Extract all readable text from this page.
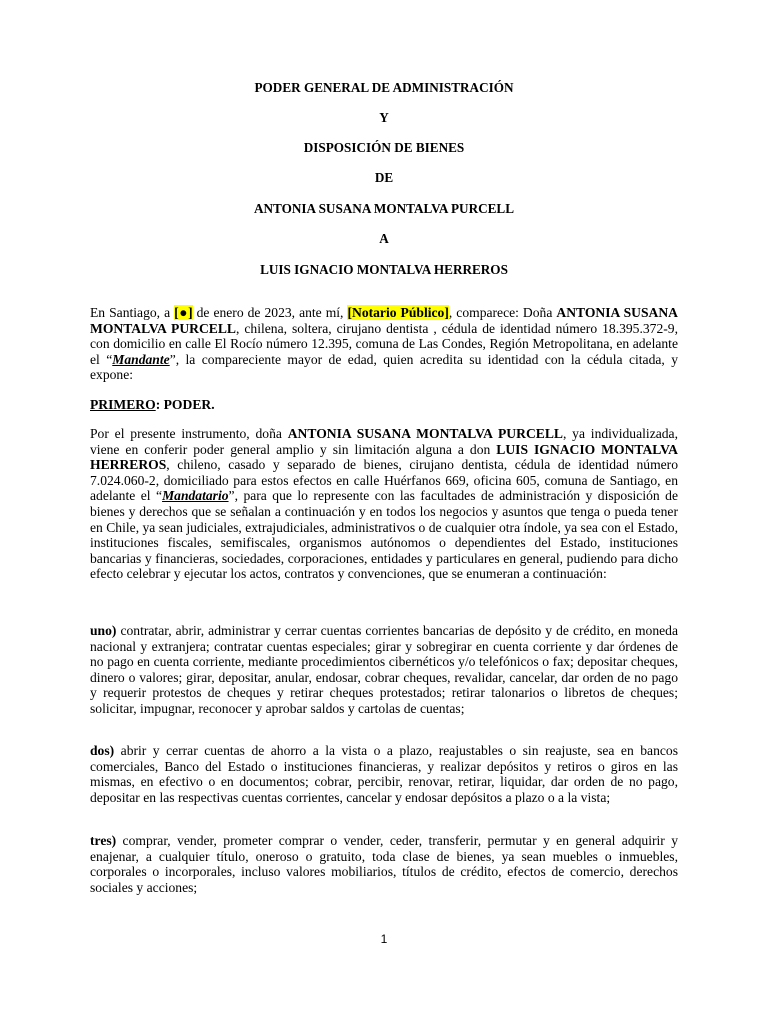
PODER GENERAL DE ADMINISTRACIÓN
Y
DISPOSICIÓN DE BIENES
DE
ANTONIA SUSANA MONTALVA PURCELL
A
LUIS IGNACIO MONTALVA HERREROS
En Santiago, a [●] de enero de 2023, ante mí, [Notario Público], comparece: Doña ANTONIA SUSANA MONTALVA PURCELL, chilena, soltera, cirujano dentista , cédula de identidad número 18.395.372-9, con domicilio en calle El Rocío número 12.395, comuna de Las Condes, Región Metropolitana, en adelante el “Mandante”, la compareciente mayor de edad, quien acredita su identidad con la cédula citada, y expone:
PRIMERO: PODER.
Por el presente instrumento, doña ANTONIA SUSANA MONTALVA PURCELL, ya individualizada, viene en conferir poder general amplio y sin limitación alguna a don LUIS IGNACIO MONTALVA HERREROS, chileno, casado y separado de bienes, cirujano dentista, cédula de identidad número 7.024.060-2, domiciliado para estos efectos en calle Huérfanos 669, oficina 605, comuna de Santiago, en adelante el “Mandatario”, para que lo represente con las facultades de administración y disposición de bienes y derechos que se señalan a continuación y en todos los negocios y asuntos que tenga o pueda tener en Chile, ya sean judiciales, extrajudiciales, administrativos o de cualquier otra índole, ya sea con el Estado, instituciones fiscales, semifiscales, organismos autónomos o dependientes del Estado, instituciones bancarias y financieras, sociedades, corporaciones, entidades y particulares en general, pudiendo para dicho efecto celebrar y ejecutar los actos, contratos y convenciones, que se enumeran a continuación:
uno) contratar, abrir, administrar y cerrar cuentas corrientes bancarias de depósito y de crédito, en moneda nacional y extranjera; contratar cuentas especiales; girar y sobregirar en cuenta corriente y dar órdenes de no pago en cuenta corriente, mediante procedimientos cibernéticos y/o telefónicos o fax; depositar cheques, dinero o valores; girar, depositar, anular, endosar, cobrar cheques, revalidar, cancelar, dar orden de no pago y requerir protestos de cheques y retirar cheques protestados; retirar talonarios o libretos de cheques; solicitar, impugnar, reconocer y aprobar saldos y cartolas de cuentas;
dos) abrir y cerrar cuentas de ahorro a la vista o a plazo, reajustables o sin reajuste, sea en bancos comerciales, Banco del Estado o instituciones financieras, y realizar depósitos y retiros o giros en las mismas, en efectivo o en documentos; cobrar, percibir, renovar, retirar, liquidar, dar orden de no pago, depositar en las respectivas cuentas corrientes, cancelar y endosar depósitos a plazo o a la vista;
tres) comprar, vender, prometer comprar o vender, ceder, transferir, permutar y en general adquirir y enajenar, a cualquier título, oneroso o gratuito, toda clase de bienes, ya sean muebles o inmuebles, corporales o incorporales, incluso valores mobiliarios, títulos de crédito, efectos de comercio, derechos sociales y acciones;
1
